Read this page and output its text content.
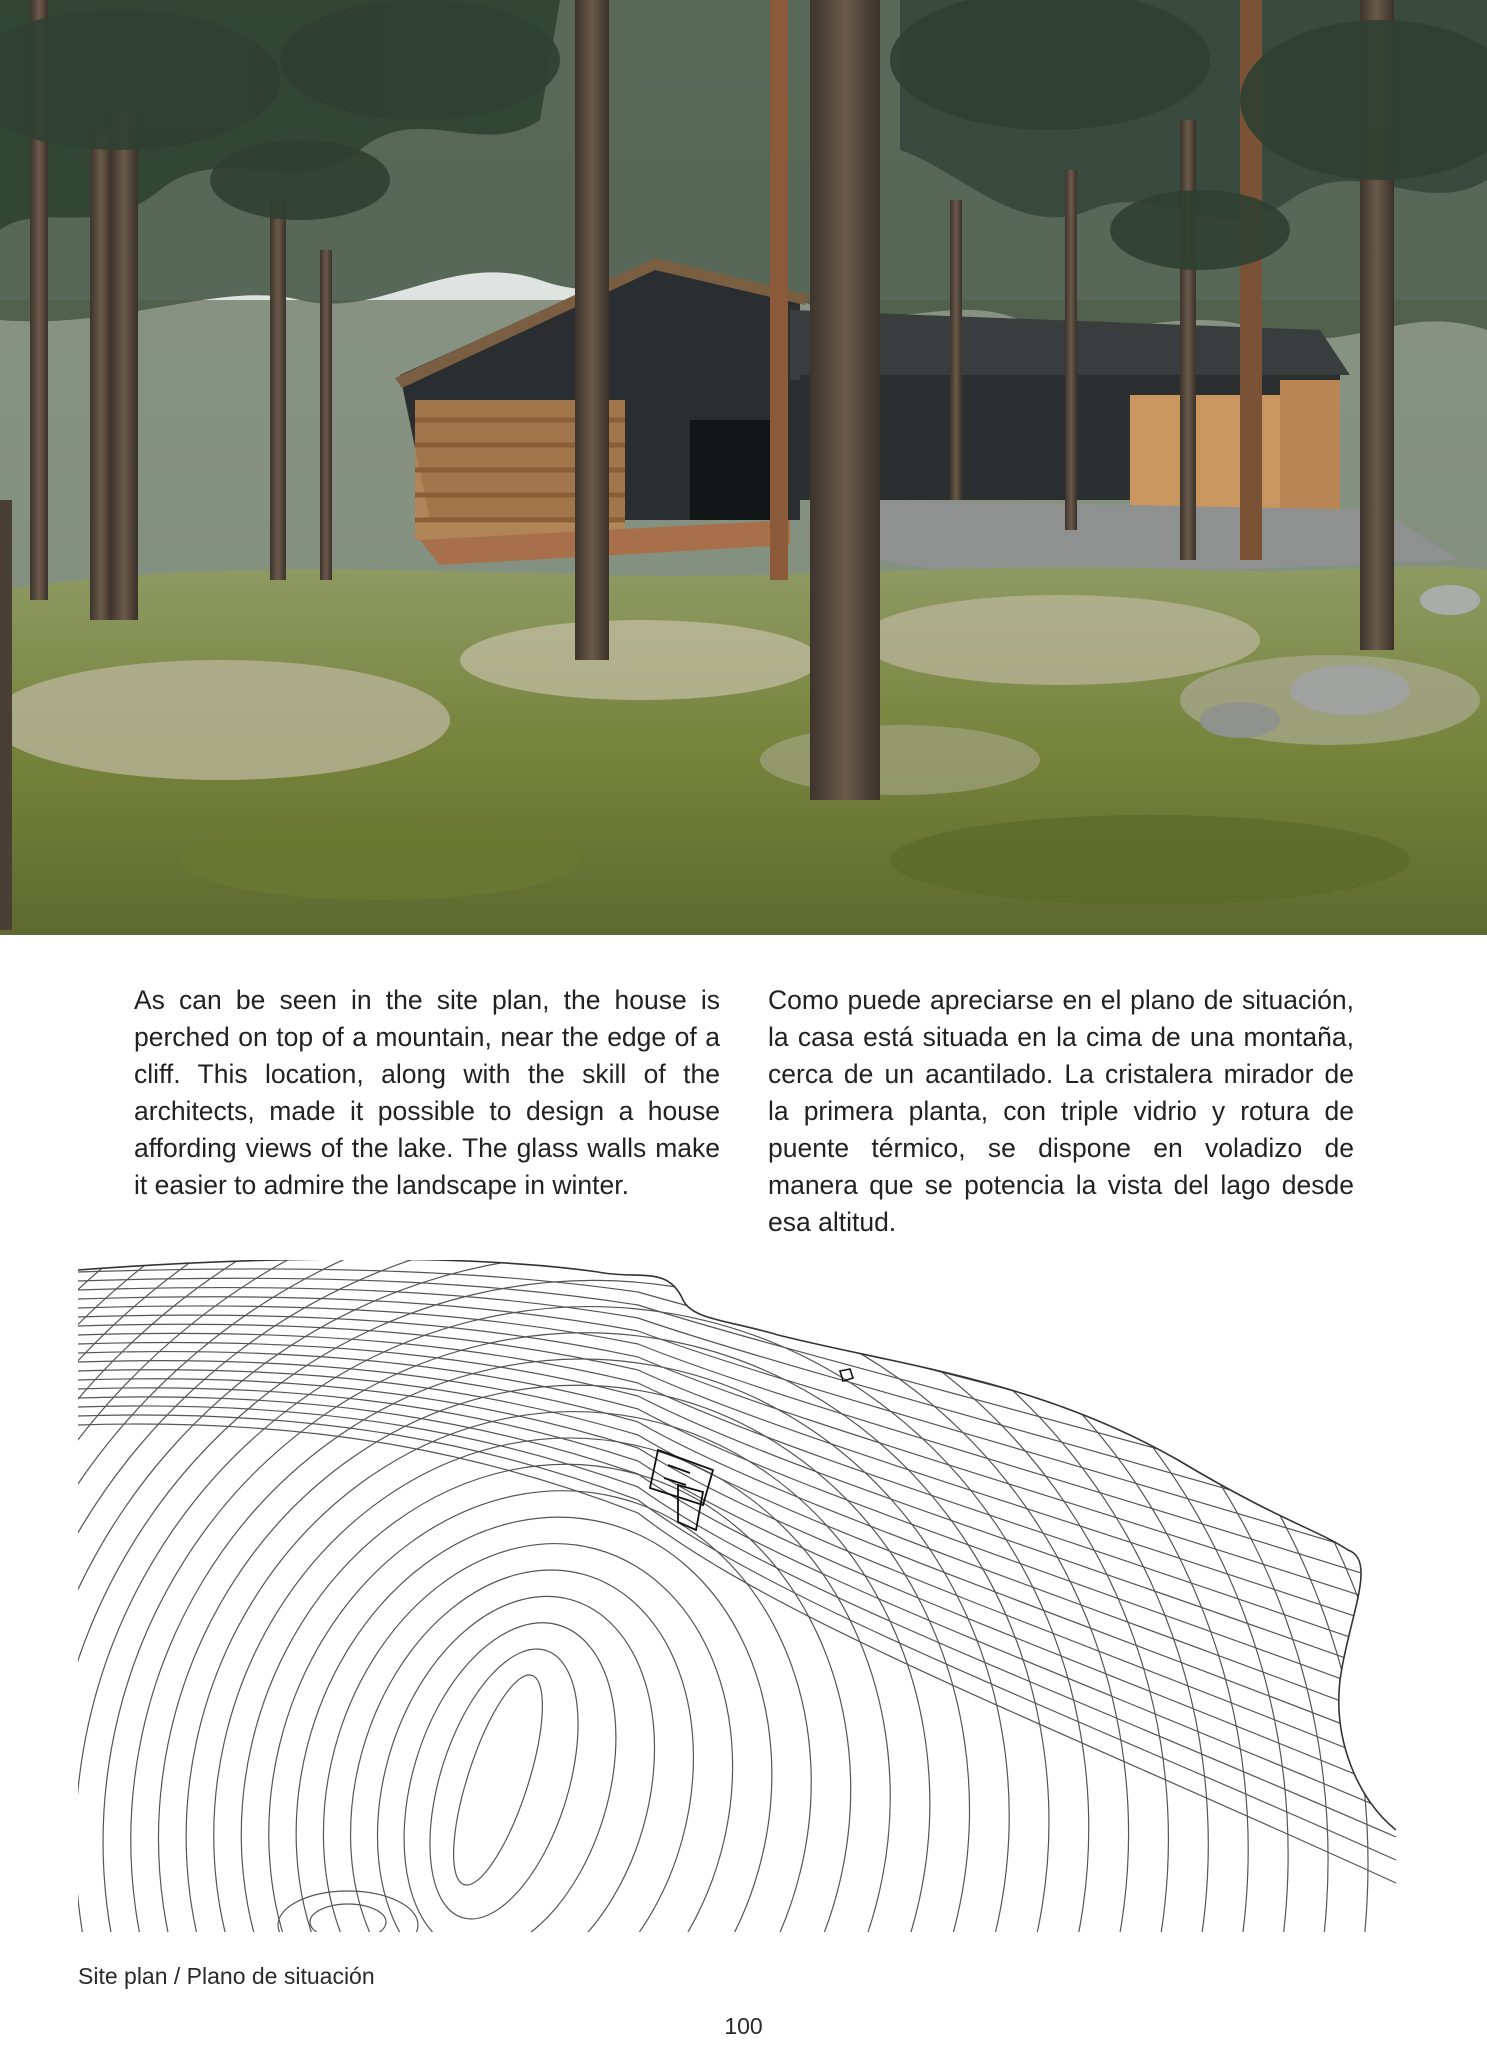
As can be seen in the site plan, the house is perched on top of a mountain, near the edge of a cliff. This location, along with the skill of the architects, made it possible to design a house affording views of the lake. The glass walls make it easier to admire the landscape in winter.
Como puede apreciarse en el plano de situación, la casa está situada en la cima de una montaña, cerca de un acantilado. La cristalera mirador de la primera planta, con triple vidrio y rotura de puente térmico, se dispone en voladizo de manera que se potencia la vista del lago desde esa altitud.
Site plan / Plano de situación
100
